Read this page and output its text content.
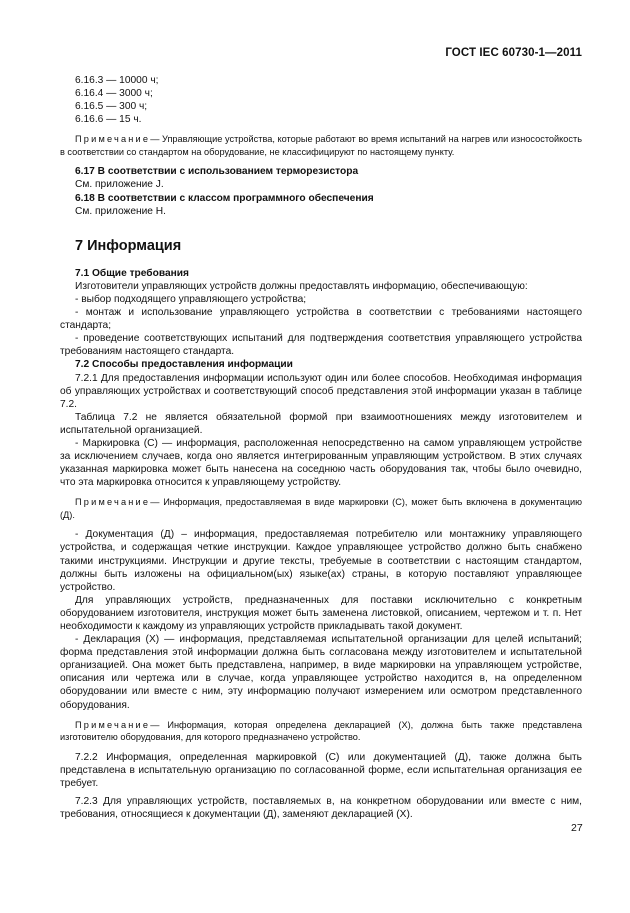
ГОСТ IEC 60730-1—2011

6.16.3 — 10000 ч;

6.16.4 — 3000 ч;

6.16.5 — 300 ч;

6.16.6 — 15 ч.

Примечание— Управляющие устройства, которые работают во время испытаний на нагрев или износостойкость в соответствии со стандартом на оборудование, не классифицируют по настоящему пункту.

6.17 В соответствии с использованием терморезистора

См. приложение J.

6.18 В соответствии с классом программного обеспечения

См. приложение H.

7 Информация

7.1 Общие требования

Изготовители управляющих устройств должны предоставлять информацию, обеспечивающую:

- выбор подходящего управляющего устройства;

- монтаж и использование управляющего устройства в соответствии с требованиями настоящего стандарта;

- проведение соответствующих испытаний для подтверждения соответствия управляющего устройства требованиям настоящего стандарта.

7.2 Способы предоставления информации

7.2.1 Для предоставления информации используют один или более способов. Необходимая информация об управляющих устройствах и соответствующий способ представления этой информации указан в таблице 7.2.

Таблица 7.2 не является обязательной формой при взаимоотношениях между изготовителем и испытательной организацией.

- Маркировка (С) — информация, расположенная непосредственно на самом управляющем устройстве за исключением случаев, когда оно является интегрированным управляющим устройством. В этих случаях указанная маркировка может быть нанесена на соседнюю часть оборудования так, чтобы было очевидно, что эта маркировка относится к управляющему устройству.

Примечание— Информация, предоставляемая в виде маркировки (С), может быть включена в документацию (Д).

- Документация (Д) – информация, предоставляемая потребителю или монтажнику управляющего устройства, и содержащая четкие инструкции. Каждое управляющее устройство должно быть снабжено такими инструкциями. Инструкции и другие тексты, требуемые в соответствии с настоящим стандартом, должны быть изложены на официальном(ых) языке(ах) страны, в которую поставляют управляющее устройство.

Для управляющих устройств, предназначенных для поставки исключительно с конкретным оборудованием изготовителя, инструкция может быть заменена листовкой, описанием, чертежом и т. п. Нет необходимости к каждому из управляющих устройств прикладывать такой документ.

- Декларация (Х) — информация, представляемая испытательной организации для целей испытаний; форма представления этой информации должна быть согласована между изготовителем и испытательной организацией. Она может быть представлена, например, в виде маркировки на управляющем устройстве, описания или чертежа или в случае, когда управляющее устройство находится в, на определенном оборудовании или вместе с ним, эту информацию получают измерением или осмотром представленного оборудования.

Примечание— Информация, которая определена декларацией (Х), должна быть также представлена изготовителю оборудования, для которого предназначено устройство.

7.2.2 Информация, определенная маркировкой (С) или документацией (Д), также должна быть представлена в испытательную организацию по согласованной форме, если испытательная организация ее требует.

7.2.3 Для управляющих устройств, поставляемых в, на конкретном оборудовании или вместе с ним, требования, относящиеся к документации (Д), заменяют декларацией (Х).

27
